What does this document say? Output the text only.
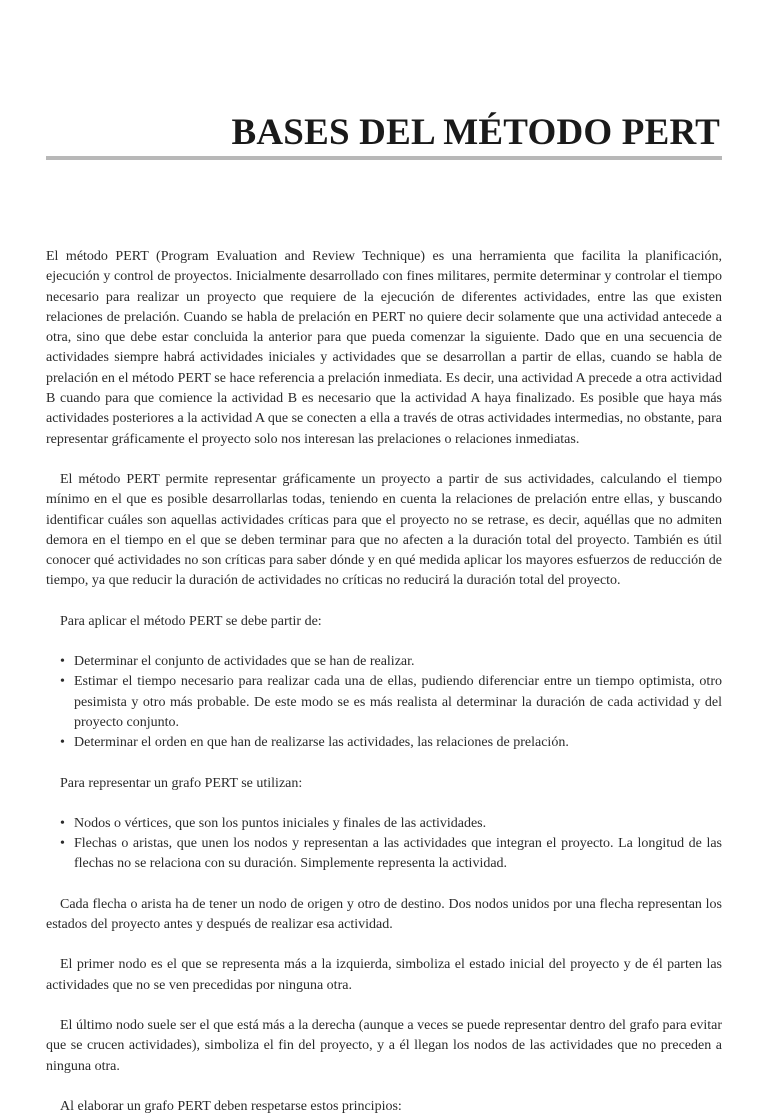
BASES DEL MÉTODO PERT

El método PERT (Program Evaluation and Review Technique) es una herramienta que facilita la planificación, ejecución y control de proyectos. Inicialmente desarrollado con fines militares, permite determinar y controlar el tiempo necesario para realizar un proyecto que requiere de la ejecución de diferentes actividades, entre las que existen relaciones de prelación. Cuando se habla de prelación en PERT no quiere decir solamente que una actividad antecede a otra, sino que debe estar concluida la anterior para que pueda comenzar la siguiente. Dado que en una secuencia de actividades siempre habrá actividades iniciales y actividades que se desarrollan a partir de ellas, cuando se habla de prelación en el método PERT se hace referencia a prelación inmediata. Es decir, una actividad A precede a otra actividad B cuando para que comience la actividad B es necesario que la actividad A haya finalizado. Es posible que haya más actividades posteriores a la actividad A que se conecten a ella a través de otras actividades intermedias, no obstante, para representar gráficamente el proyecto solo nos interesan las prelaciones o relaciones inmediatas.

El método PERT permite representar gráficamente un proyecto a partir de sus actividades, calculando el tiempo mínimo en el que es posible desarrollarlas todas, teniendo en cuenta la relaciones de prelación entre ellas, y buscando identificar cuáles son aquellas actividades críticas para que el proyecto no se retrase, es decir, aquéllas que no admiten demora en el tiempo en el que se deben terminar para que no afecten a la duración total del proyecto. También es útil conocer qué actividades no son críticas para saber dónde y en qué medida aplicar los mayores esfuerzos de reducción de tiempo, ya que reducir la duración de actividades no críticas no reducirá la duración total del proyecto.

Para aplicar el método PERT se debe partir de:

• Determinar el conjunto de actividades que se han de realizar.
• Estimar el tiempo necesario para realizar cada una de ellas, pudiendo diferenciar entre un tiempo optimista, otro pesimista y otro más probable. De este modo se es más realista al determinar la duración de cada actividad y del proyecto conjunto.
• Determinar el orden en que han de realizarse las actividades, las relaciones de prelación.

Para representar un grafo PERT se utilizan:

• Nodos o vértices, que son los puntos iniciales y finales de las actividades.
• Flechas o aristas, que unen los nodos y representan a las actividades que integran el proyecto. La longitud de las flechas no se relaciona con su duración. Simplemente representa la actividad.

Cada flecha o arista ha de tener un nodo de origen y otro de destino. Dos nodos unidos por una flecha representan los estados del proyecto antes y después de realizar esa actividad.

El primer nodo es el que se representa más a la izquierda, simboliza el estado inicial del proyecto y de él parten las actividades que no se ven precedidas por ninguna otra.

El último nodo suele ser el que está más a la derecha (aunque a veces se puede representar dentro del grafo para evitar que se crucen actividades), simboliza el fin del proyecto, y a él llegan los nodos de las actividades que no preceden a ninguna otra.

Al elaborar un grafo PERT deben respetarse estos principios:
